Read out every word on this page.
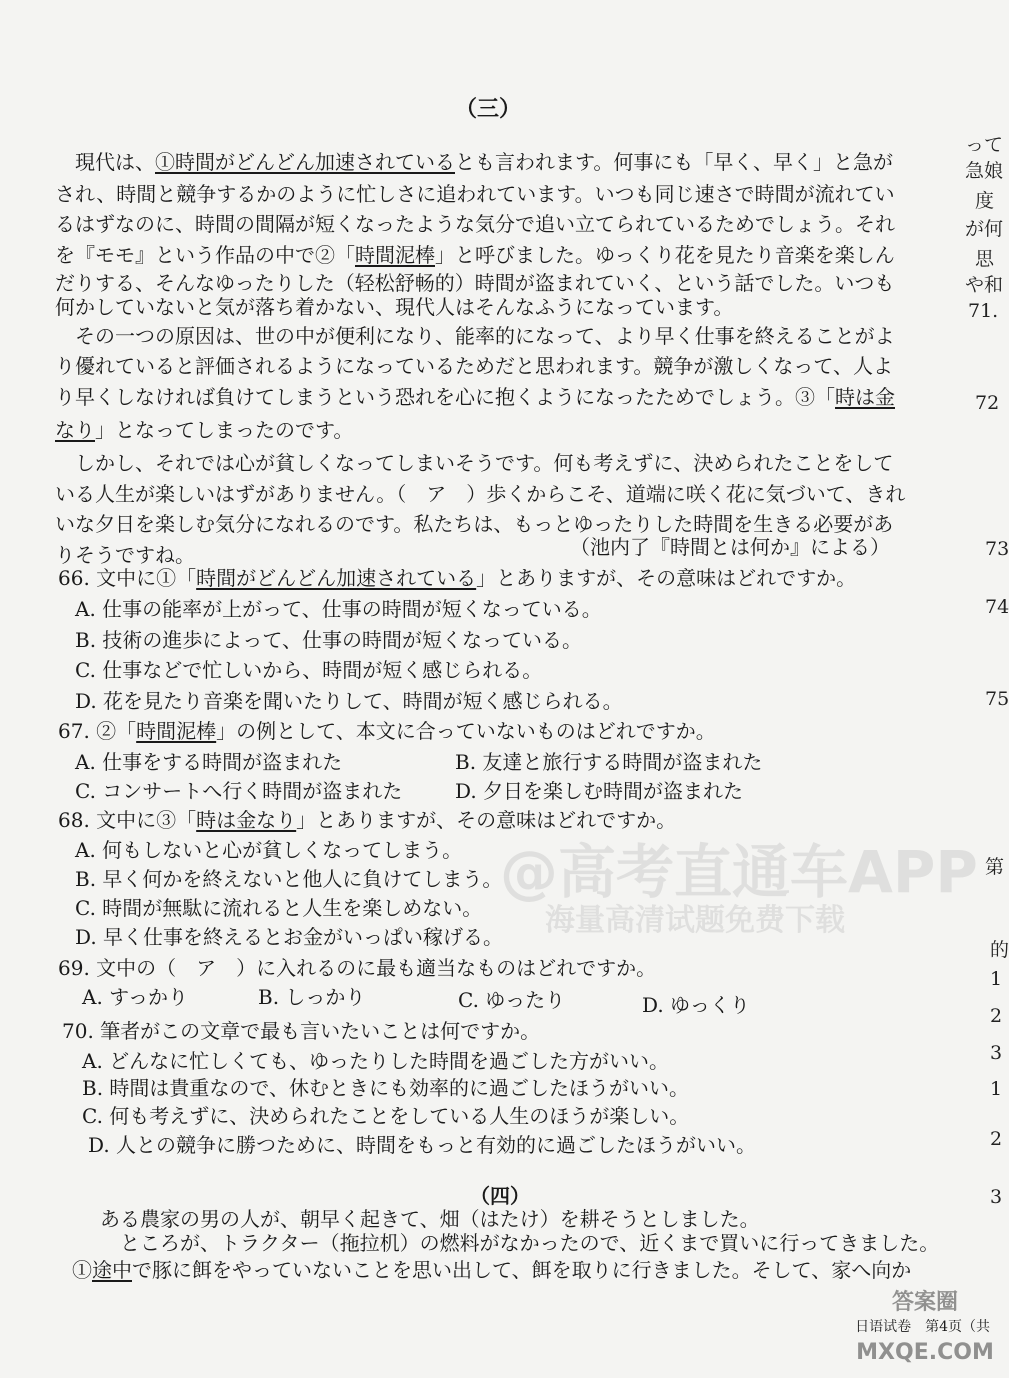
（三）
　現代は、①時間がどんどん加速されているとも言われます。何事にも「早く、早く」と急が
され、時間と競争するかのように忙しさに追われています。いつも同じ速さで時間が流れてい
るはずなのに、時間の間隔が短くなったような気分で追い立てられているためでしょう。それ
を『モモ』という作品の中で②「時間泥棒」と呼びました。ゆっくり花を見たり音楽を楽しん
だりする、そんなゆったりした（轻松舒畅的）時間が盗まれていく、という話でした。いつも
何かしていないと気が落ち着かない、現代人はそんなふうになっています。
　その一つの原因は、世の中が便利になり、能率的になって、より早く仕事を終えることがよ
り優れていると評価されるようになっているためだと思われます。競争が激しくなって、人よ
り早くしなければ負けてしまうという恐れを心に抱くようになったためでしょう。③「時は金
なり」となってしまったのです。
　しかし、それでは心が貧しくなってしまいそうです。何も考えずに、決められたことをして
いる人生が楽しいはずがありません。（　ア　）歩くからこそ、道端に咲く花に気づいて、きれ
いな夕日を楽しむ気分になれるのです。私たちは、もっとゆったりした時間を生きる必要があ
りそうですね。	（池内了『時間とは何か』による）
66. 文中に①「時間がどんどん加速されている」とありますが、その意味はどれですか。
A. 仕事の能率が上がって、仕事の時間が短くなっている。
B. 技術の進歩によって、仕事の時間が短くなっている。
C. 仕事などで忙しいから、時間が短く感じられる。
D. 花を見たり音楽を聞いたりして、時間が短く感じられる。
67. ②「時間泥棒」の例として、本文に合っていないものはどれですか。
A. 仕事をする時間が盗まれた	B. 友達と旅行する時間が盗まれた
C. コンサートへ行く時間が盗まれた	D. 夕日を楽しむ時間が盗まれた
68. 文中に③「時は金なり」とありますが、その意味はどれですか。
A. 何もしないと心が貧しくなってしまう。
B. 早く何かを終えないと他人に負けてしまう。
C. 時間が無駄に流れると人生を楽しめない。
D. 早く仕事を終えるとお金がいっぱい稼げる。
69. 文中の（　ア　）に入れるのに最も適当なものはどれですか。
A. すっかり	B. しっかり	C. ゆったり	D. ゆっくり
70. 筆者がこの文章で最も言いたいことは何ですか。
A. どんなに忙しくても、ゆったりした時間を過ごした方がいい。
B. 時間は貴重なので、休むときにも効率的に過ごしたほうがいい。
C. 何も考えずに、決められたことをしている人生のほうが楽しい。
D. 人との競争に勝つために、時間をもっと有効的に過ごしたほうがいい。
（四）
ある農家の男の人が、朝早く起きて、畑（はたけ）を耕そうとしました。
　ところが、トラクター（拖拉机）の燃料がなかったので、近くまで買いに行ってきました。
①途中で豚に餌をやっていないことを思い出して、餌を取りに行きました。そして、家へ向か
って
急娘
度
が何
思
や和
71.
72
73
74
75
第
的
1
2
3
1
2
3
@高考直通车APP
海量高清试题免费下载
答案圈 MXQE.COM
日语试卷　第4页（共
